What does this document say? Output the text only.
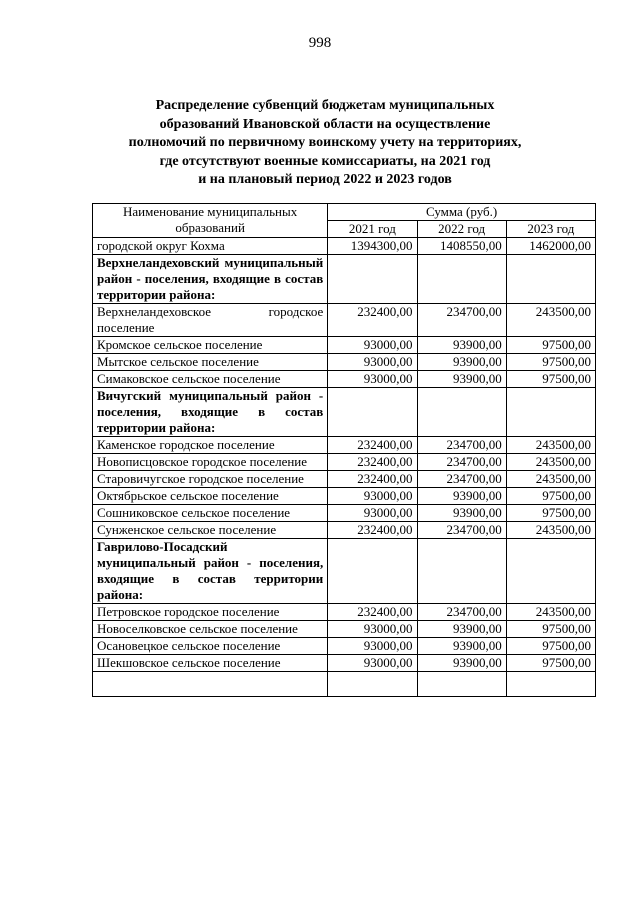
998
Распределение субвенций бюджетам муниципальных
образований Ивановской области на осуществление
полномочий по первичному воинскому учету на территориях,
где отсутствуют военные комиссариаты, на 2021 год
и на плановый период 2022 и 2023 годов
Наименование муниципальных образований	Сумма (руб.)		
	2021 год	2022 год	2023 год
городской округ Кохма	1394300,00	1408550,00	1462000,00
Верхнеландеховский муниципальный район - поселения, входящие в состав территории района:			
Верхнеландеховское городское поселение	232400,00	234700,00	243500,00
Кромское сельское поселение	93000,00	93900,00	97500,00
Мытское сельское поселение	93000,00	93900,00	97500,00
Симаковское сельское поселение	93000,00	93900,00	97500,00
Вичугский муниципальный район - поселения, входящие в состав территории района:			
Каменское городское поселение	232400,00	234700,00	243500,00
Новописцовское городское поселение	232400,00	234700,00	243500,00
Старовичугское городское поселение	232400,00	234700,00	243500,00
Октябрьское сельское поселение	93000,00	93900,00	97500,00
Сошниковское сельское поселение	93000,00	93900,00	97500,00
Сунженское сельское поселение	232400,00	234700,00	243500,00
Гаврилово-Посадский муниципальный район - поселения, входящие в состав территории района:			
Петровское городское поселение	232400,00	234700,00	243500,00
Новоселковское сельское поселение	93000,00	93900,00	97500,00
Осановецкое сельское поселение	93000,00	93900,00	97500,00
Шекшовское сельское поселение	93000,00	93900,00	97500,00
